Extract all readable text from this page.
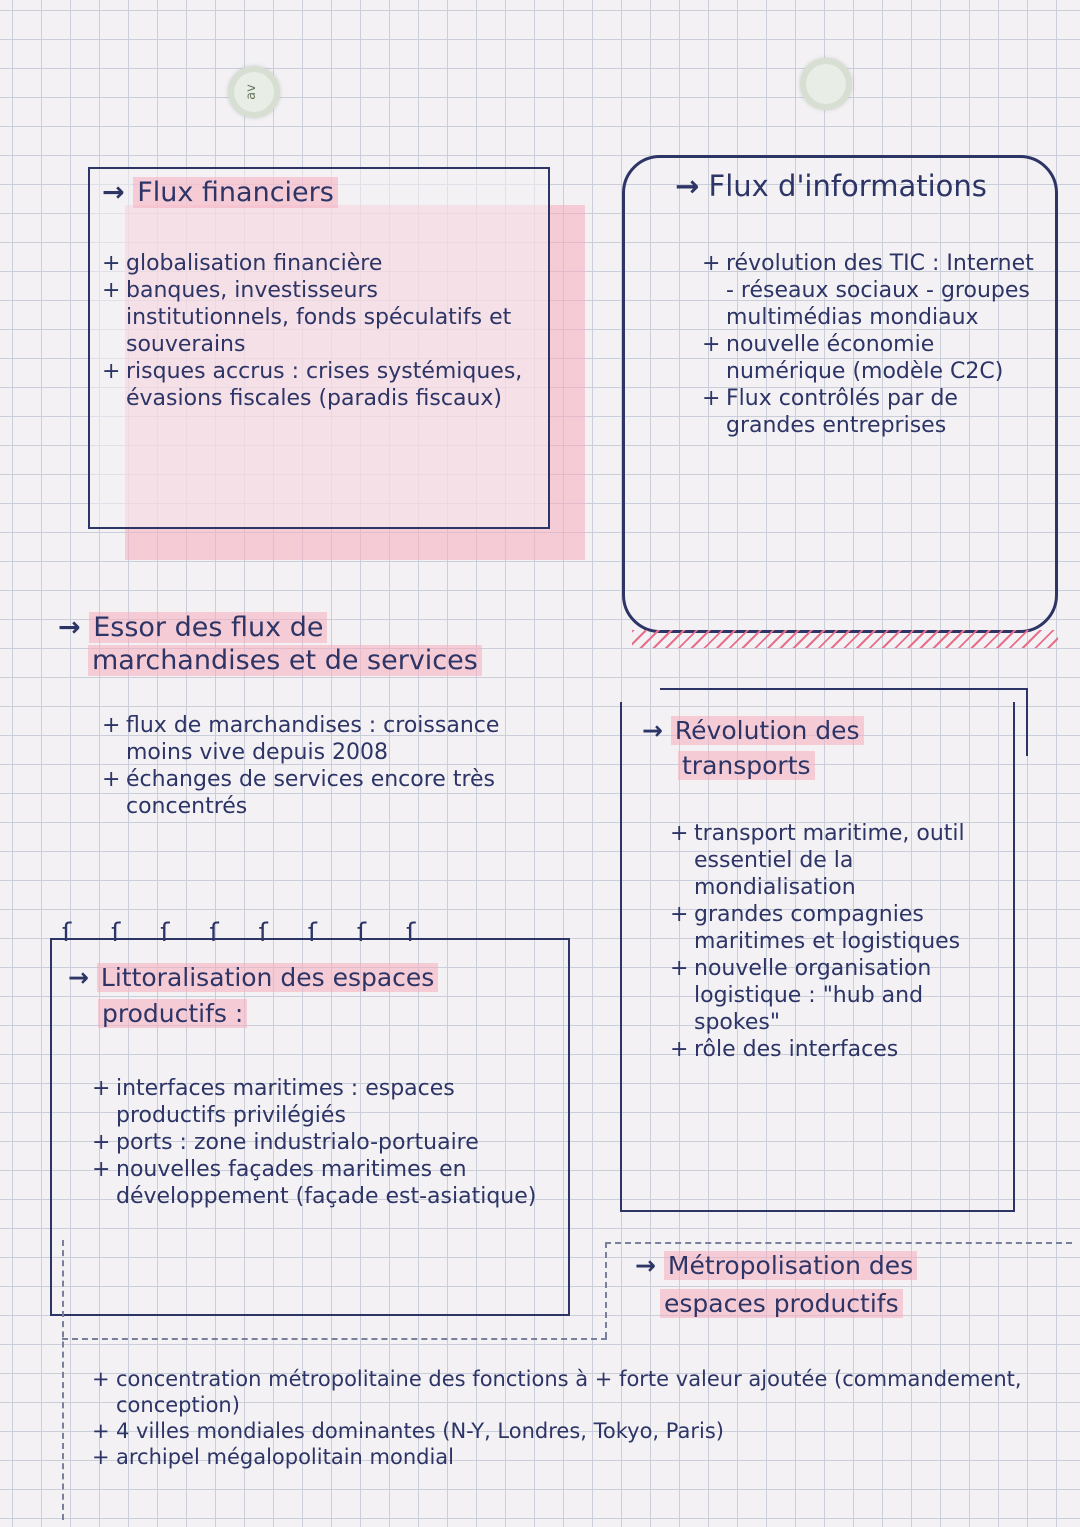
av
→ Flux financiers
+ globalisation financière
+ banques, investisseurs institutionnels, fonds spéculatifs et souverains
+ risques accrus : crises systémiques, évasions fiscales (paradis fiscaux)
→ Flux d'informations
+ révolution des TIC : Internet - réseaux sociaux - groupes multimédias mondiaux
+ nouvelle économie numérique (modèle C2C)
+ Flux contrôlés par de grandes entreprises
→ Essor des flux de
marchandises et de services
+ flux de marchandises : croissance moins vive depuis 2008
+ échanges de services encore très concentrés
→ Révolution des
transports
+ transport maritime, outil essentiel de la mondialisation
+ grandes compagnies maritimes et logistiques
+ nouvelle organisation logistique : "hub and spokes"
+ rôle des interfaces
ſſſſſſſſ
→ Littoralisation des espaces
productifs :
+ interfaces maritimes : espaces productifs privilégiés
+ ports : zone industrialo-portuaire
+ nouvelles façades maritimes en développement (façade est-asiatique)
→ Métropolisation des
espaces productifs
+ concentration métropolitaine des fonctions à + forte valeur ajoutée (commandement, conception)
+ 4 villes mondiales dominantes (N-Y, Londres, Tokyo, Paris)
+ archipel mégalopolitain mondial
